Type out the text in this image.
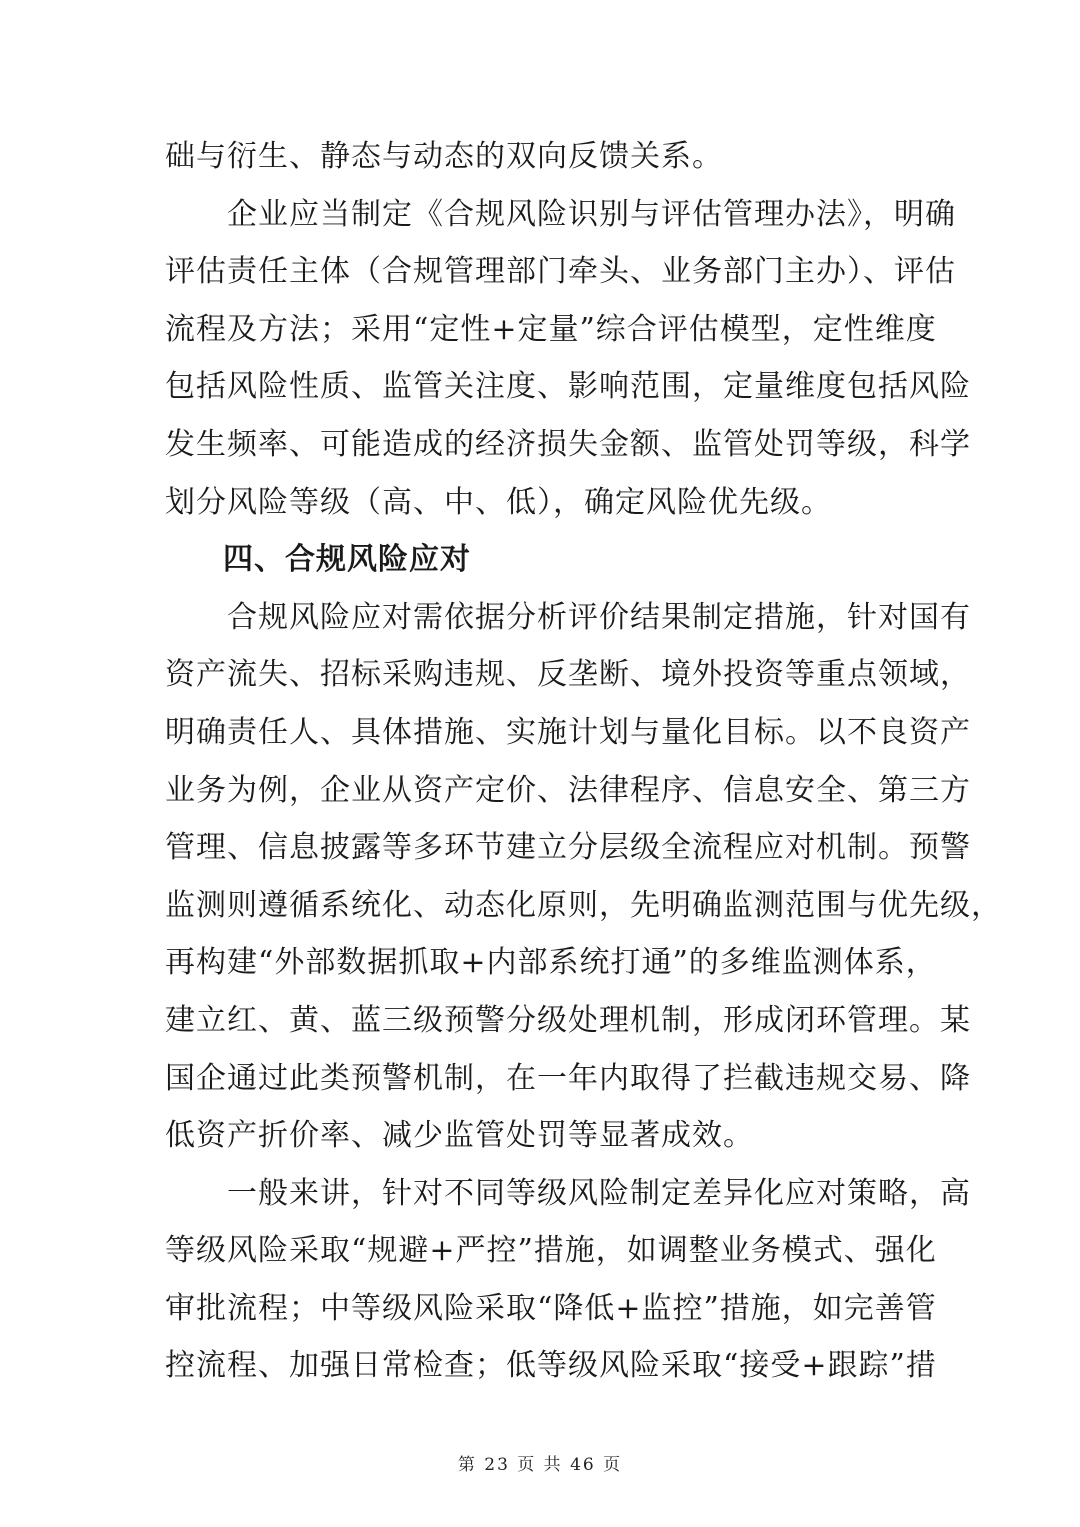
础与衍生、静态与动态的双向反馈关系。
　　企业应当制定《合规风险识别与评估管理办法》，明确
评估责任主体（合规管理部门牵头、业务部门主办）、评估
流程及方法；采用“定性+定量”综合评估模型，定性维度
包括风险性质、监管关注度、影响范围，定量维度包括风险
发生频率、可能造成的经济损失金额、监管处罚等级，科学
划分风险等级（高、中、低），确定风险优先级。
四、合规风险应对
　　合规风险应对需依据分析评价结果制定措施，针对国有
资产流失、招标采购违规、反垄断、境外投资等重点领域，
明确责任人、具体措施、实施计划与量化目标。以不良资产
业务为例，企业从资产定价、法律程序、信息安全、第三方
管理、信息披露等多环节建立分层级全流程应对机制。预警
监测则遵循系统化、动态化原则，先明确监测范围与优先级，
再构建“外部数据抓取+内部系统打通”的多维监测体系，
建立红、黄、蓝三级预警分级处理机制，形成闭环管理。某
国企通过此类预警机制，在一年内取得了拦截违规交易、降
低资产折价率、减少监管处罚等显著成效。
　　一般来讲，针对不同等级风险制定差异化应对策略，高
等级风险采取“规避+严控”措施，如调整业务模式、强化
审批流程；中等级风险采取“降低+监控”措施，如完善管
控流程、加强日常检查；低等级风险采取“接受+跟踪”措
第 23 页 共 46 页
